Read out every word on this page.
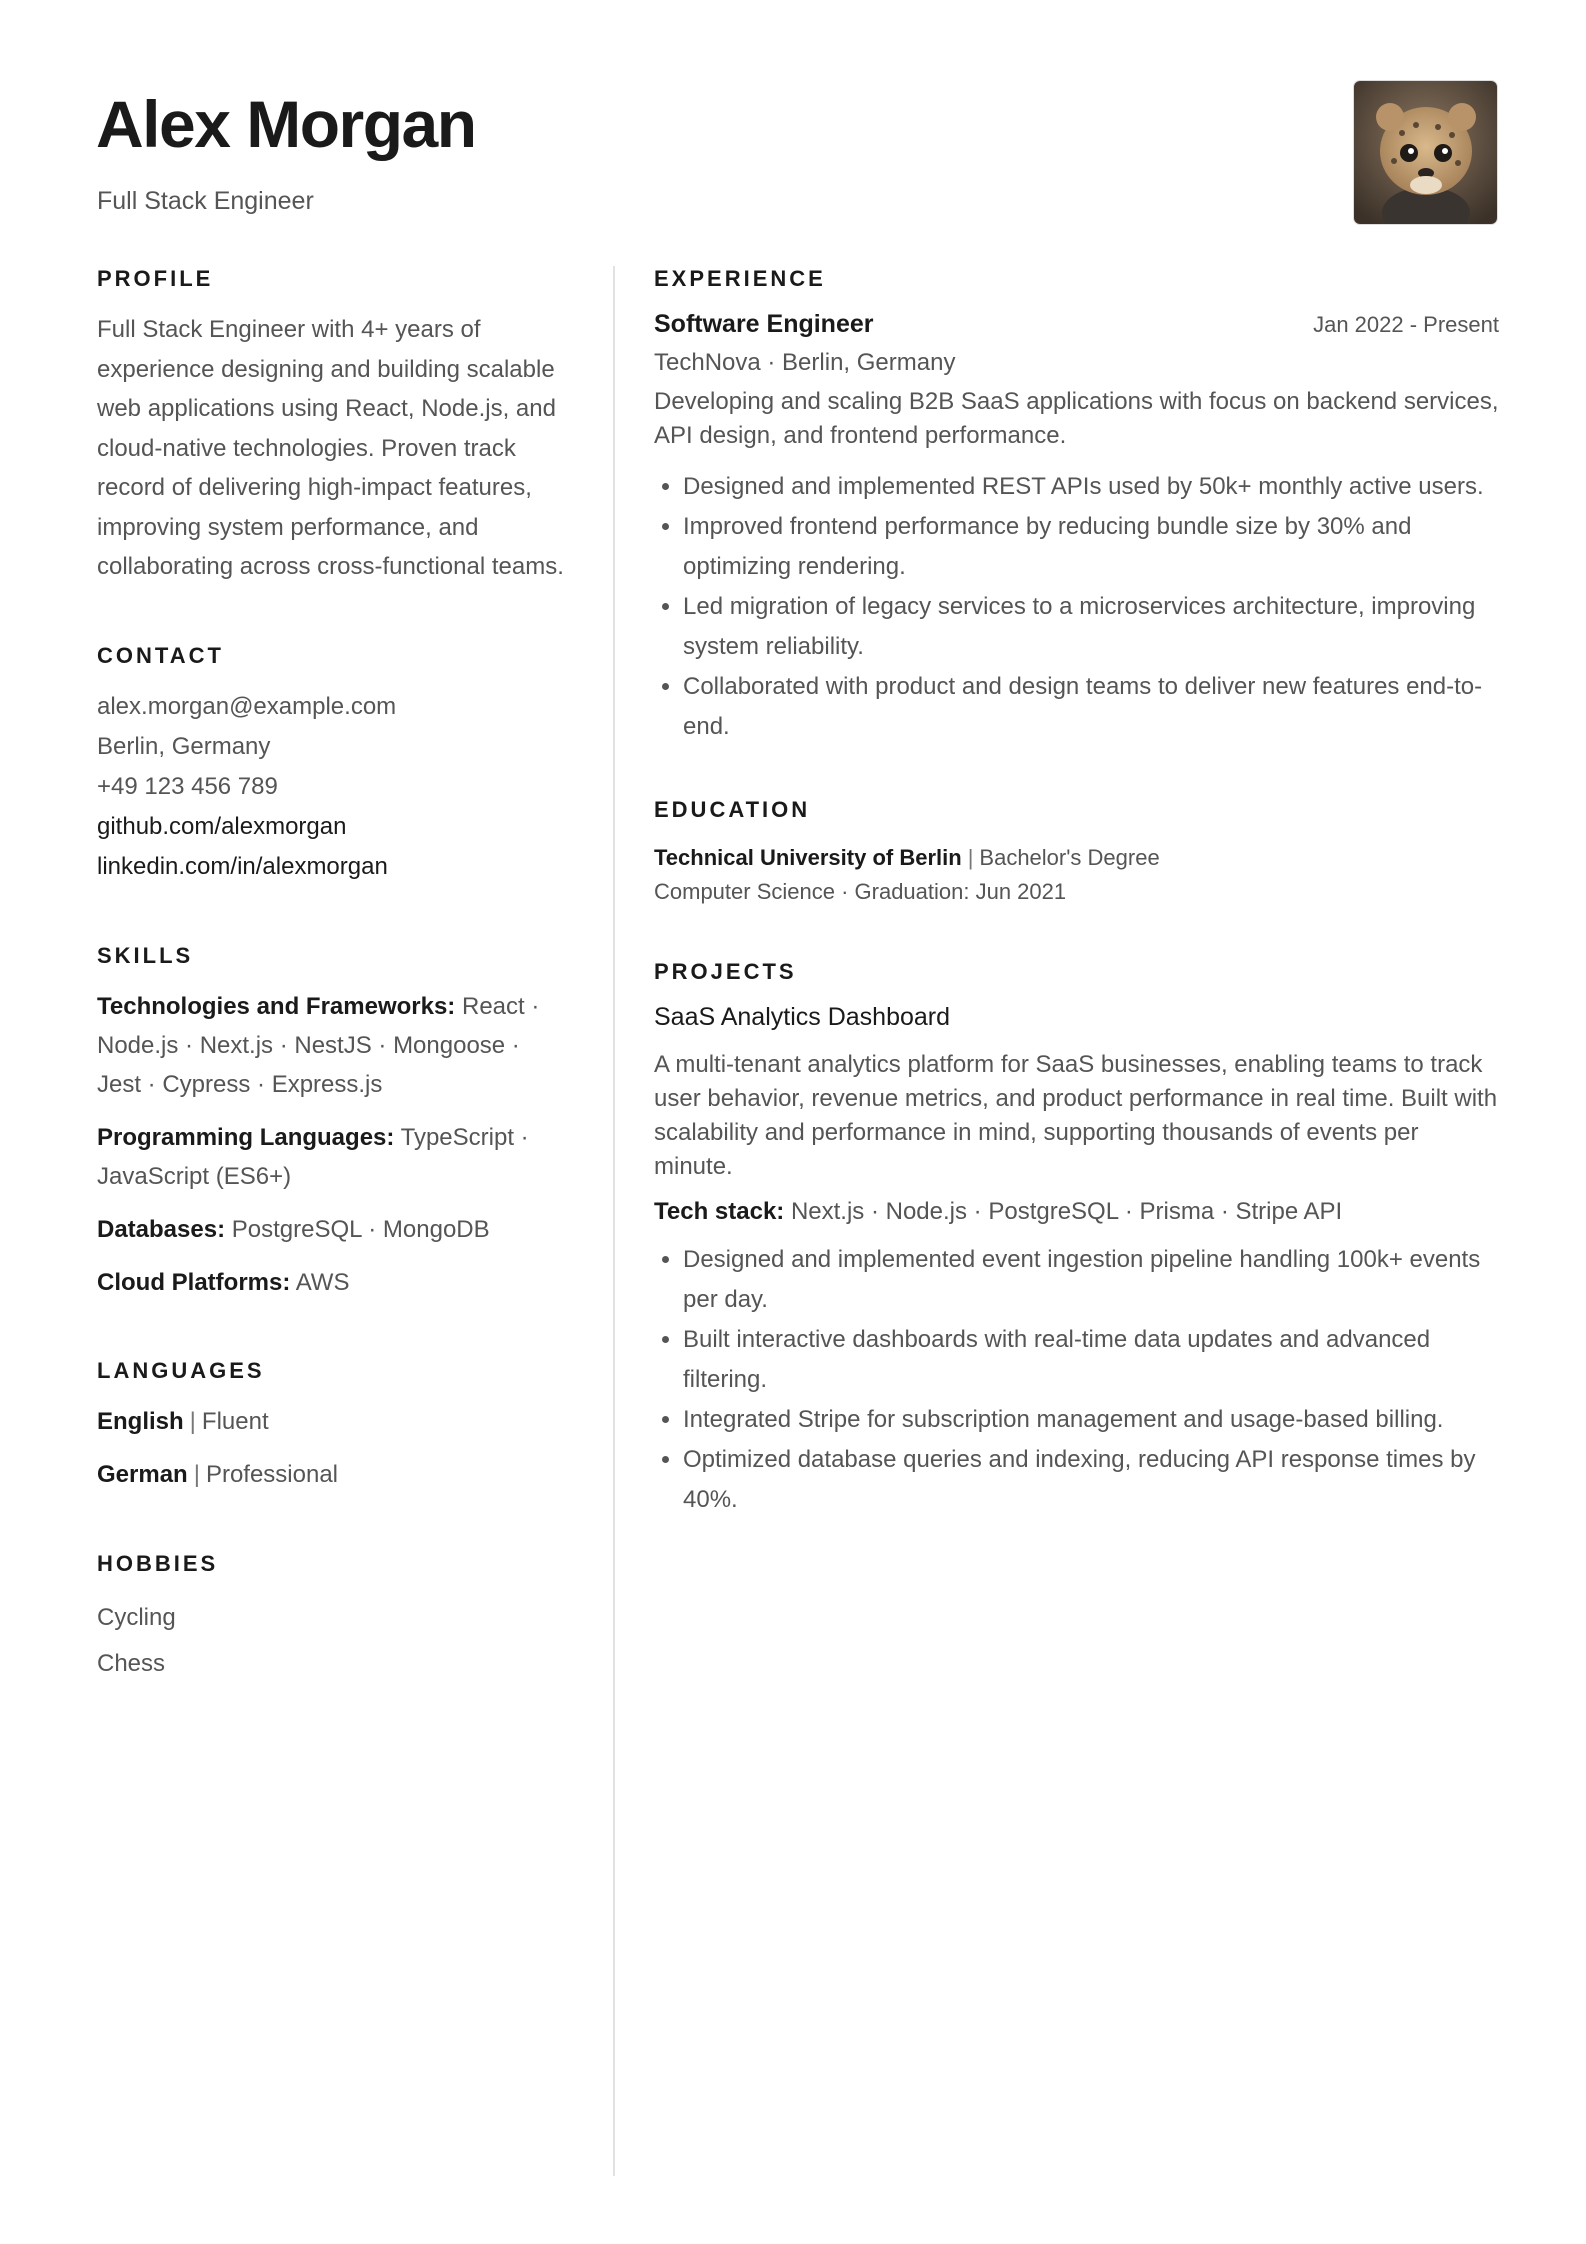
Alex Morgan
Full Stack Engineer
PROFILE

Full Stack Engineer with 4+ years of experience designing and building scalable web applications using React, Node.js, and cloud-native technologies. Proven track record of delivering high-impact features, improving system performance, and collaborating across cross-functional teams.

CONTACT
alex.morgan@example.com
Berlin, Germany
+49 123 456 789
github.com/alexmorgan
linkedin.com/in/alexmorgan
SKILLS
Technologies and Frameworks: React · Node.js · Next.js · NestJS · Mongoose · Jest · Cypress · Express.js
Programming Languages: TypeScript · JavaScript (ES6+)
Databases: PostgreSQL · MongoDB
Cloud Platforms: AWS
LANGUAGES
English | Fluent
German | Professional
HOBBIES
Cycling
Chess
EXPERIENCE
Software Engineer	Jan 2022 - Present
TechNova · Berlin, Germany
Developing and scaling B2B SaaS applications with focus on backend services, API design, and frontend performance.
• Designed and implemented REST APIs used by 50k+ monthly active users.
• Improved frontend performance by reducing bundle size by 30% and optimizing rendering.
• Led migration of legacy services to a microservices architecture, improving system reliability.
• Collaborated with product and design teams to deliver new features end-to-end.
EDUCATION
Technical University of Berlin | Bachelor's Degree
Computer Science · Graduation: Jun 2021
PROJECTS
SaaS Analytics Dashboard
A multi-tenant analytics platform for SaaS businesses, enabling teams to track user behavior, revenue metrics, and product performance in real time. Built with scalability and performance in mind, supporting thousands of events per minute.
Tech stack: Next.js · Node.js · PostgreSQL · Prisma · Stripe API
• Designed and implemented event ingestion pipeline handling 100k+ events per day.
• Built interactive dashboards with real-time data updates and advanced filtering.
• Integrated Stripe for subscription management and usage-based billing.
• Optimized database queries and indexing, reducing API response times by 40%.
